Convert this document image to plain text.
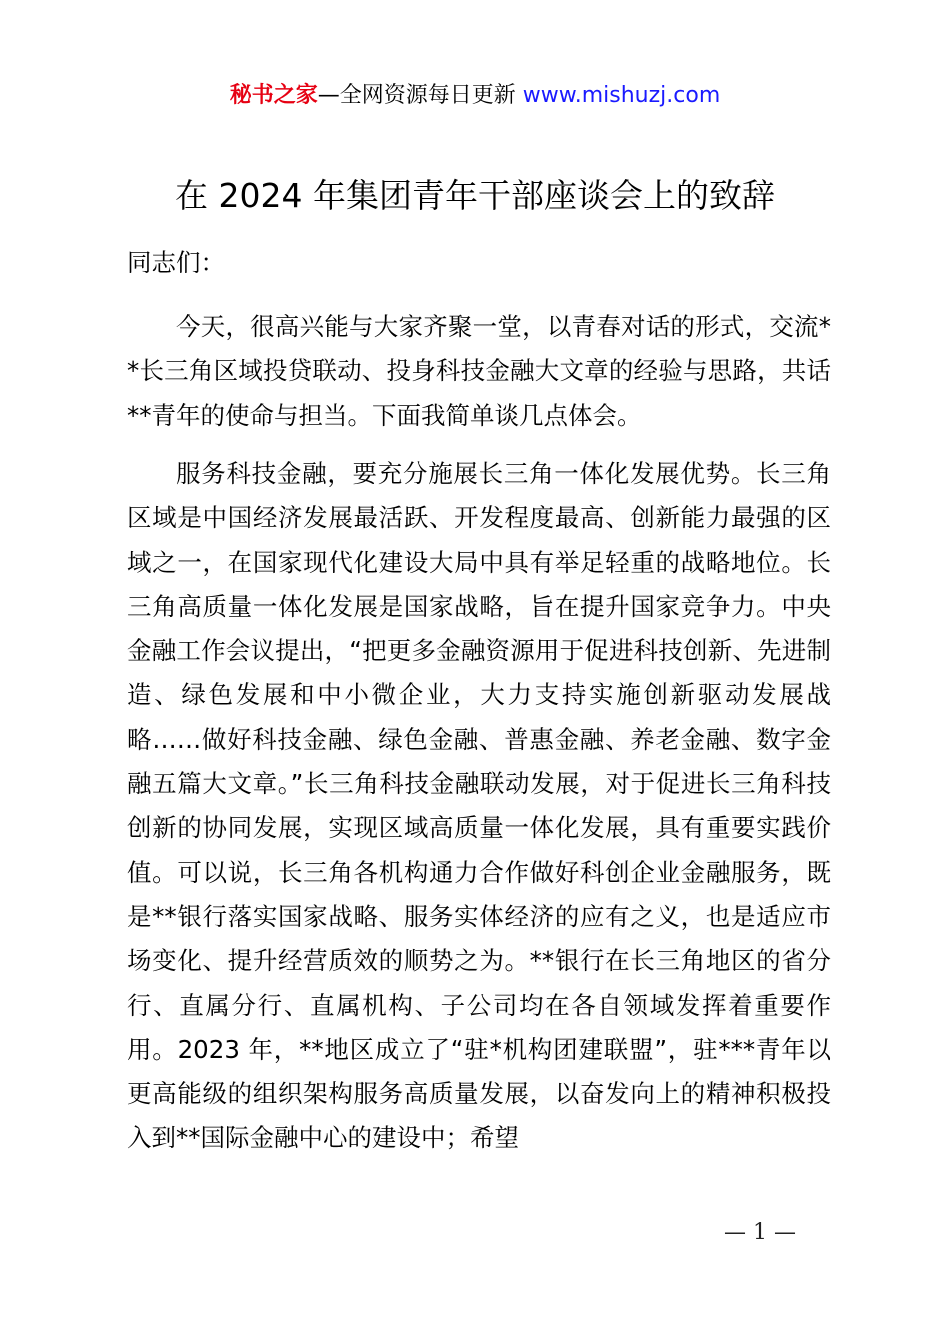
秘书之家—全网资源每日更新 www.mishuzj.com
在 2024 年集团青年干部座谈会上的致辞
同志们：

今天，很高兴能与大家齐聚一堂，以青春对话的形式，交流**长三角区域投贷联动、投身科技金融大文章的经验与思路，共话**青年的使命与担当。下面我简单谈几点体会。

服务科技金融，要充分施展长三角一体化发展优势。长三角区域是中国经济发展最活跃、开发程度最高、创新能力最强的区域之一，在国家现代化建设大局中具有举足轻重的战略地位。长三角高质量一体化发展是国家战略，旨在提升国家竞争力。中央金融工作会议提出，“把更多金融资源用于促进科技创新、先进制造、绿色发展和中小微企业，大力支持实施创新驱动发展战略……做好科技金融、绿色金融、普惠金融、养老金融、数字金融五篇大文章。”长三角科技金融联动发展，对于促进长三角科技创新的协同发展，实现区域高质量一体化发展，具有重要实践价值。可以说，长三角各机构通力合作做好科创企业金融服务，既是**银行落实国家战略、服务实体经济的应有之义，也是适应市场变化、提升经营质效的顺势之为。**银行在长三角地区的省分行、直属分行、直属机构、子公司均在各自领域发挥着重要作用。2023 年，**地区成立了“驻*机构团建联盟”，驻***青年以更高能级的组织架构服务高质量发展，以奋发向上的精神积极投入到**国际金融中心的建设中；希望

— 1 —
